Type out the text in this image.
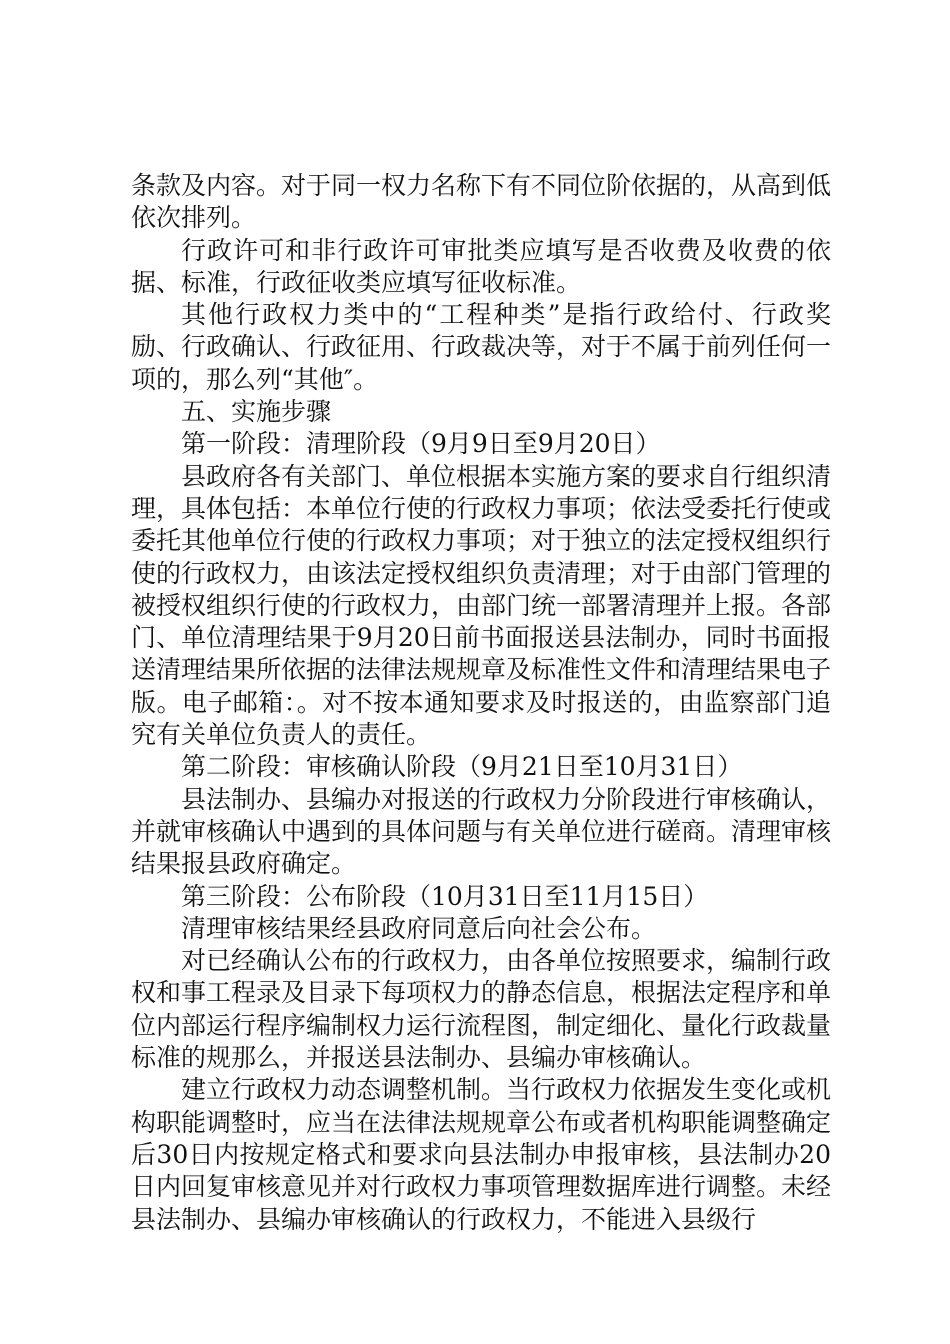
条款及内容。对于同一权力名称下有不同位阶依据的，从高到低依次排列。

行政许可和非行政许可审批类应填写是否收费及收费的依据、标准，行政征收类应填写征收标准。

其他行政权力类中的“工程种类”是指行政给付、行政奖励、行政确认、行政征用、行政裁决等，对于不属于前列任何一项的，那么列“其他″。

五、实施步骤

第一阶段：清理阶段（9月9日至9月20日）

县政府各有关部门、单位根据本实施方案的要求自行组织清理，具体包括：本单位行使的行政权力事项；依法受委托行使或委托其他单位行使的行政权力事项；对于独立的法定授权组织行使的行政权力，由该法定授权组织负责清理；对于由部门管理的被授权组织行使的行政权力，由部门统一部署清理并上报。各部门、单位清理结果于9月20日前书面报送县法制办，同时书面报送清理结果所依据的法律法规规章及标准性文件和清理结果电子版。电子邮箱：。对不按本通知要求及时报送的，由监察部门追究有关单位负责人的责任。

第二阶段：审核确认阶段（9月21日至10月31日）

县法制办、县编办对报送的行政权力分阶段进行审核确认，并就审核确认中遇到的具体问题与有关单位进行磋商。清理审核结果报县政府确定。

第三阶段：公布阶段（10月31日至11月15日）

清理审核结果经县政府同意后向社会公布。

对已经确认公布的行政权力，由各单位按照要求，编制行政权和事工程录及目录下每项权力的静态信息，根据法定程序和单位内部运行程序编制权力运行流程图，制定细化、量化行政裁量标准的规那么，并报送县法制办、县编办审核确认。

建立行政权力动态调整机制。当行政权力依据发生变化或机构职能调整时，应当在法律法规规章公布或者机构职能调整确定后30日内按规定格式和要求向县法制办申报审核，县法制办20日内回复审核意见并对行政权力事项管理数据库进行调整。未经县法制办、县编办审核确认的行政权力，不能进入县级行
